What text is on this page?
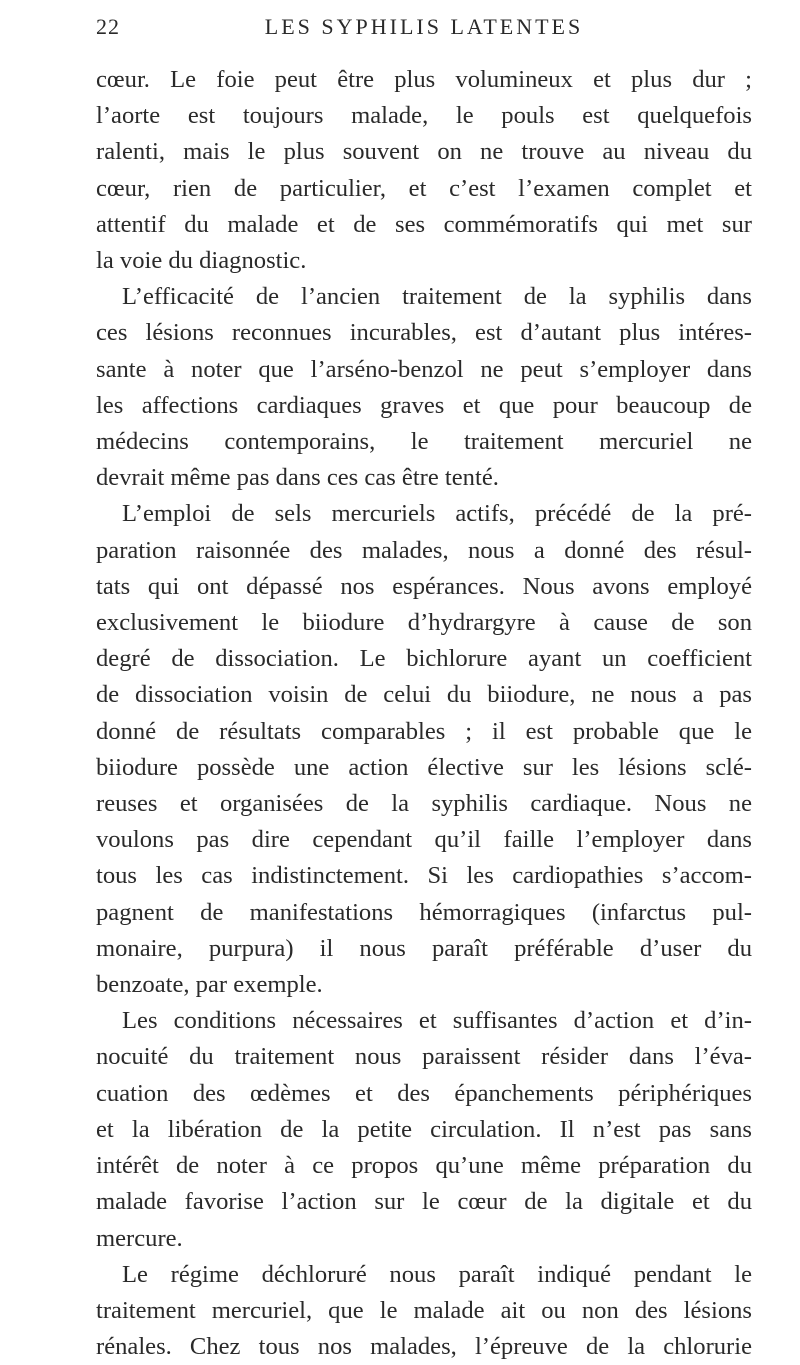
22	LES SYPHILIS LATENTES
cœur. Le foie peut être plus volumineux et plus dur ;
l’aorte est toujours malade, le pouls est quelquefois
ralenti, mais le plus souvent on ne trouve au niveau du
cœur, rien de particulier, et c’est l’examen complet et
attentif du malade et de ses commémoratifs qui met sur
la voie du diagnostic.
L’efficacité de l’ancien traitement de la syphilis dans
ces lésions reconnues incurables, est d’autant plus intéres-
sante à noter que l’arséno-benzol ne peut s’employer dans
les affections cardiaques graves et que pour beaucoup de
médecins contemporains, le traitement mercuriel ne
devrait même pas dans ces cas être tenté.
L’emploi de sels mercuriels actifs, précédé de la pré-
paration raisonnée des malades, nous a donné des résul-
tats qui ont dépassé nos espérances. Nous avons employé
exclusivement le biiodure d’hydrargyre à cause de son
degré de dissociation. Le bichlorure ayant un coefficient
de dissociation voisin de celui du biiodure, ne nous a pas
donné de résultats comparables ; il est probable que le
biiodure possède une action élective sur les lésions sclé-
reuses et organisées de la syphilis cardiaque. Nous ne
voulons pas dire cependant qu’il faille l’employer dans
tous les cas indistinctement. Si les cardiopathies s’accom-
pagnent de manifestations hémorragiques (infarctus pul-
monaire, purpura) il nous paraît préférable d’user du
benzoate, par exemple.
Les conditions nécessaires et suffisantes d’action et d’in-
nocuité du traitement nous paraissent résider dans l’éva-
cuation des œdèmes et des épanchements périphériques
et la libération de la petite circulation. Il n’est pas sans
intérêt de noter à ce propos qu’une même préparation du
malade favorise l’action sur le cœur de la digitale et du
mercure.
Le régime déchloruré nous paraît indiqué pendant le
traitement mercuriel, que le malade ait ou non des lésions
rénales. Chez tous nos malades, l’épreuve de la chlorurie
